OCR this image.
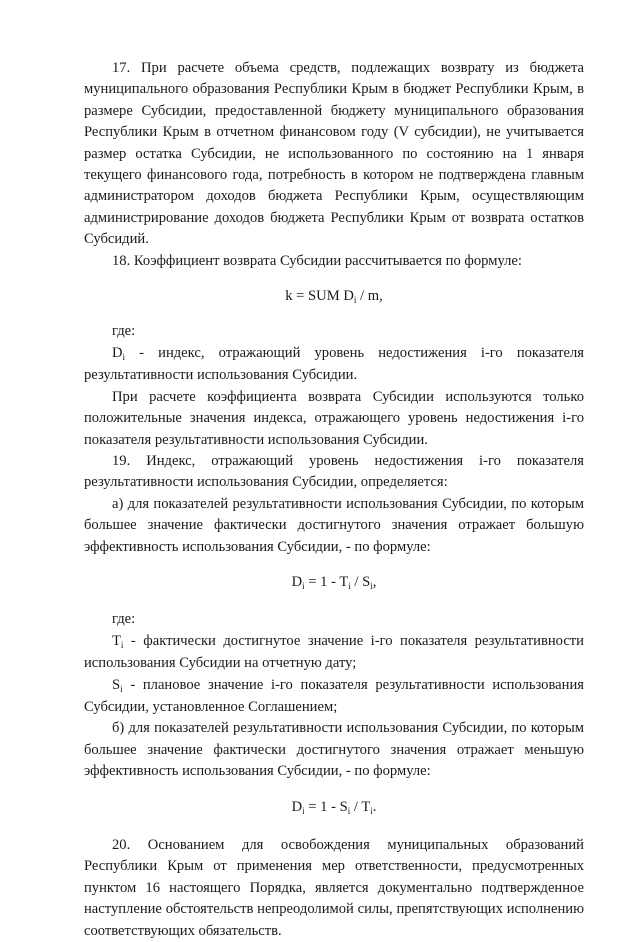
17. При расчете объема средств, подлежащих возврату из бюджета муниципального образования Республики Крым в бюджет Республики Крым, в размере Субсидии, предоставленной бюджету муниципального образования Республики Крым в отчетном финансовом году (V субсидии), не учитывается размер остатка Субсидии, не использованного по состоянию на 1 января текущего финансового года, потребность в котором не подтверждена главным администратором доходов бюджета Республики Крым, осуществляющим администрирование доходов бюджета Республики Крым от возврата остатков Субсидий.

18. Коэффициент возврата Субсидии рассчитывается по формуле:

k = SUM $D_i$ / m,

где:

$D_i$ - индекс, отражающий уровень недостижения i-го показателя результативности использования Субсидии.

При расчете коэффициента возврата Субсидии используются только положительные значения индекса, отражающего уровень недостижения i-го показателя результативности использования Субсидии.

19. Индекс, отражающий уровень недостижения i-го показателя результативности использования Субсидии, определяется:

а) для показателей результативности использования Субсидии, по которым большее значение фактически достигнутого значения отражает большую эффективность использования Субсидии, - по формуле:

$D_i = 1 - T_i / S_i$,

где:

$T_i$ - фактически достигнутое значение i-го показателя результативности использования Субсидии на отчетную дату;

$S_i$ - плановое значение i-го показателя результативности использования Субсидии, установленное Соглашением;

б) для показателей результативности использования Субсидии, по которым большее значение фактически достигнутого значения отражает меньшую эффективность использования Субсидии, - по формуле:

$D_i = 1 - S_i / T_i$.

20. Основанием для освобождения муниципальных образований Республики Крым от применения мер ответственности, предусмотренных пунктом 16 настоящего Порядка, является документально подтвержденное наступление обстоятельств непреодолимой силы, препятствующих исполнению соответствующих обязательств.
